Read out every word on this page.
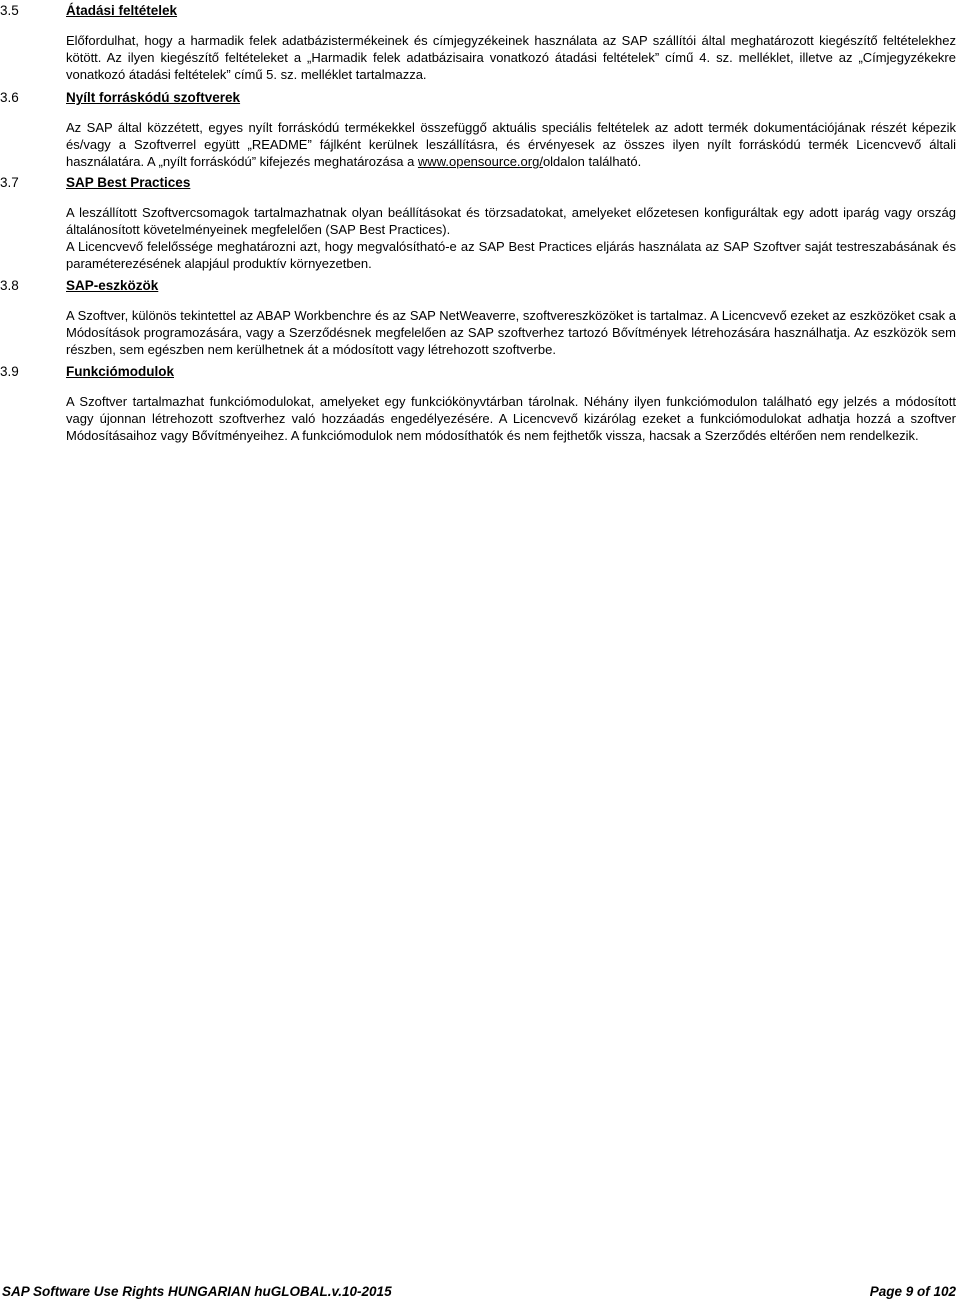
3.5	Átadási feltételek

Előfordulhat, hogy a harmadik felek adatbázistermékeinek és címjegyzékeinek használata az SAP szállítói által meghatározott kiegészítő feltételekhez kötött. Az ilyen kiegészítő feltételeket a „Harmadik felek adatbázisaira vonatkozó átadási feltételek” című 4. sz. melléklet, illetve az „Címjegyzékekre vonatkozó átadási feltételek” című 5. sz. melléklet tartalmazza.

3.6	Nyílt forráskódú szoftverek

Az SAP által közzétett, egyes nyílt forráskódú termékekkel összefüggő aktuális speciális feltételek az adott termék dokumentációjának részét képezik és/vagy a Szoftverrel együtt „README” fájlként kerülnek leszállításra, és érvényesek az összes ilyen nyílt forráskódú termék Licencvevő általi használatára. A „nyílt forráskódú” kifejezés meghatározása a www.opensource.org/oldalon található.

3.7	SAP Best Practices

A leszállított Szoftvercsomagok tartalmazhatnak olyan beállításokat és törzsadatokat, amelyeket előzetesen konfiguráltak egy adott iparág vagy ország általánosított követelményeinek megfelelően (SAP Best Practices).

A Licencvevő felelőssége meghatározni azt, hogy megvalósítható-e az SAP Best Practices eljárás használata az SAP Szoftver saját testreszabásának és paraméterezésének alapjául produktív környezetben.

3.8	SAP-eszközök

A Szoftver, különös tekintettel az ABAP Workbenchre és az SAP NetWeaverre, szoftvereszközöket is tartalmaz. A Licencvevő ezeket az eszközöket csak a Módosítások programozására, vagy a Szerződésnek megfelelően az SAP szoftverhez tartozó Bővítmények létrehozására használhatja. Az eszközök sem részben, sem egészben nem kerülhetnek át a módosított vagy létrehozott szoftverbe.

3.9	Funkciómodulok

A Szoftver tartalmazhat funkciómodulokat, amelyeket egy funkciókönyvtárban tárolnak. Néhány ilyen funkciómodulon található egy jelzés a módosított vagy újonnan létrehozott szoftverhez való hozzáadás engedélyezésére. A Licencvevő kizárólag ezeket a funkciómodulokat adhatja hozzá a szoftver Módosításaihoz vagy Bővítményeihez. A funkciómodulok nem módosíthatók és nem fejthetők vissza, hacsak a Szerződés eltérően nem rendelkezik.

SAP Software Use Rights HUNGARIAN huGLOBAL.v.10-2015	Page 9 of 102
